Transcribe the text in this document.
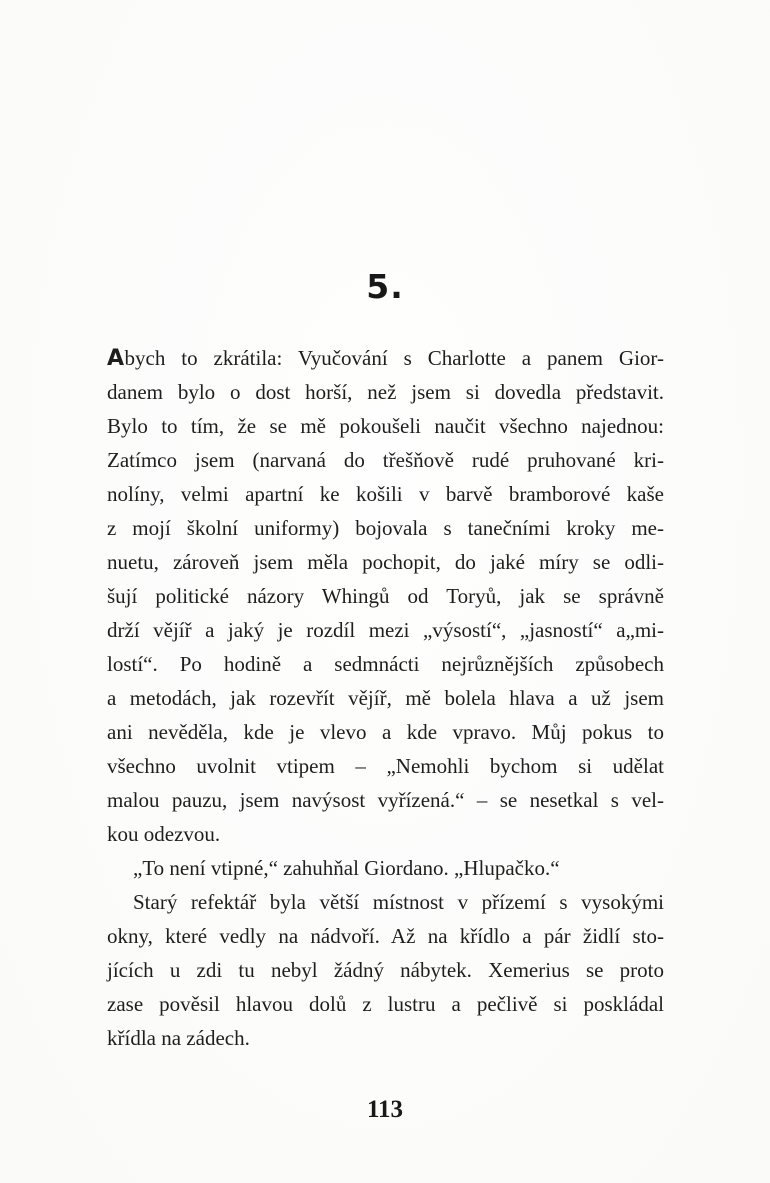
5.
Abych to zkrátila: Vyučování s Charlotte a panem Gior-
danem bylo o dost horší, než jsem si dovedla představit.
Bylo to tím, že se mě pokoušeli naučit všechno najednou:
Zatímco jsem (narvaná do třešňově rudé pruhované kri-
nolíny, velmi apartní ke košili v barvě bramborové kaše
z mojí školní uniformy) bojovala s tanečními kroky me-
nuetu, zároveň jsem měla pochopit, do jaké míry se odli-
šují politické názory Whingů od Toryů, jak se správně
drží vějíř a jaký je rozdíl mezi „výsostí“, „jasností“ a„mi-
lostí“. Po hodině a sedmnácti nejrůznějších způsobech
a metodách, jak rozevřít vějíř, mě bolela hlava a už jsem
ani nevěděla, kde je vlevo a kde vpravo. Můj pokus to
všechno uvolnit vtipem – „Nemohli bychom si udělat
malou pauzu, jsem navýsost vyřízená.“ – se nesetkal s vel-
kou odezvou.
„To není vtipné,“ zahuhňal Giordano. „Hlupačko.“
Starý refektář byla větší místnost v přízemí s vysokými
okny, které vedly na nádvoří. Až na křídlo a pár židlí sto-
jících u zdi tu nebyl žádný nábytek. Xemerius se proto
zase pověsil hlavou dolů z lustru a pečlivě si poskládal
křídla na zádech.
113
